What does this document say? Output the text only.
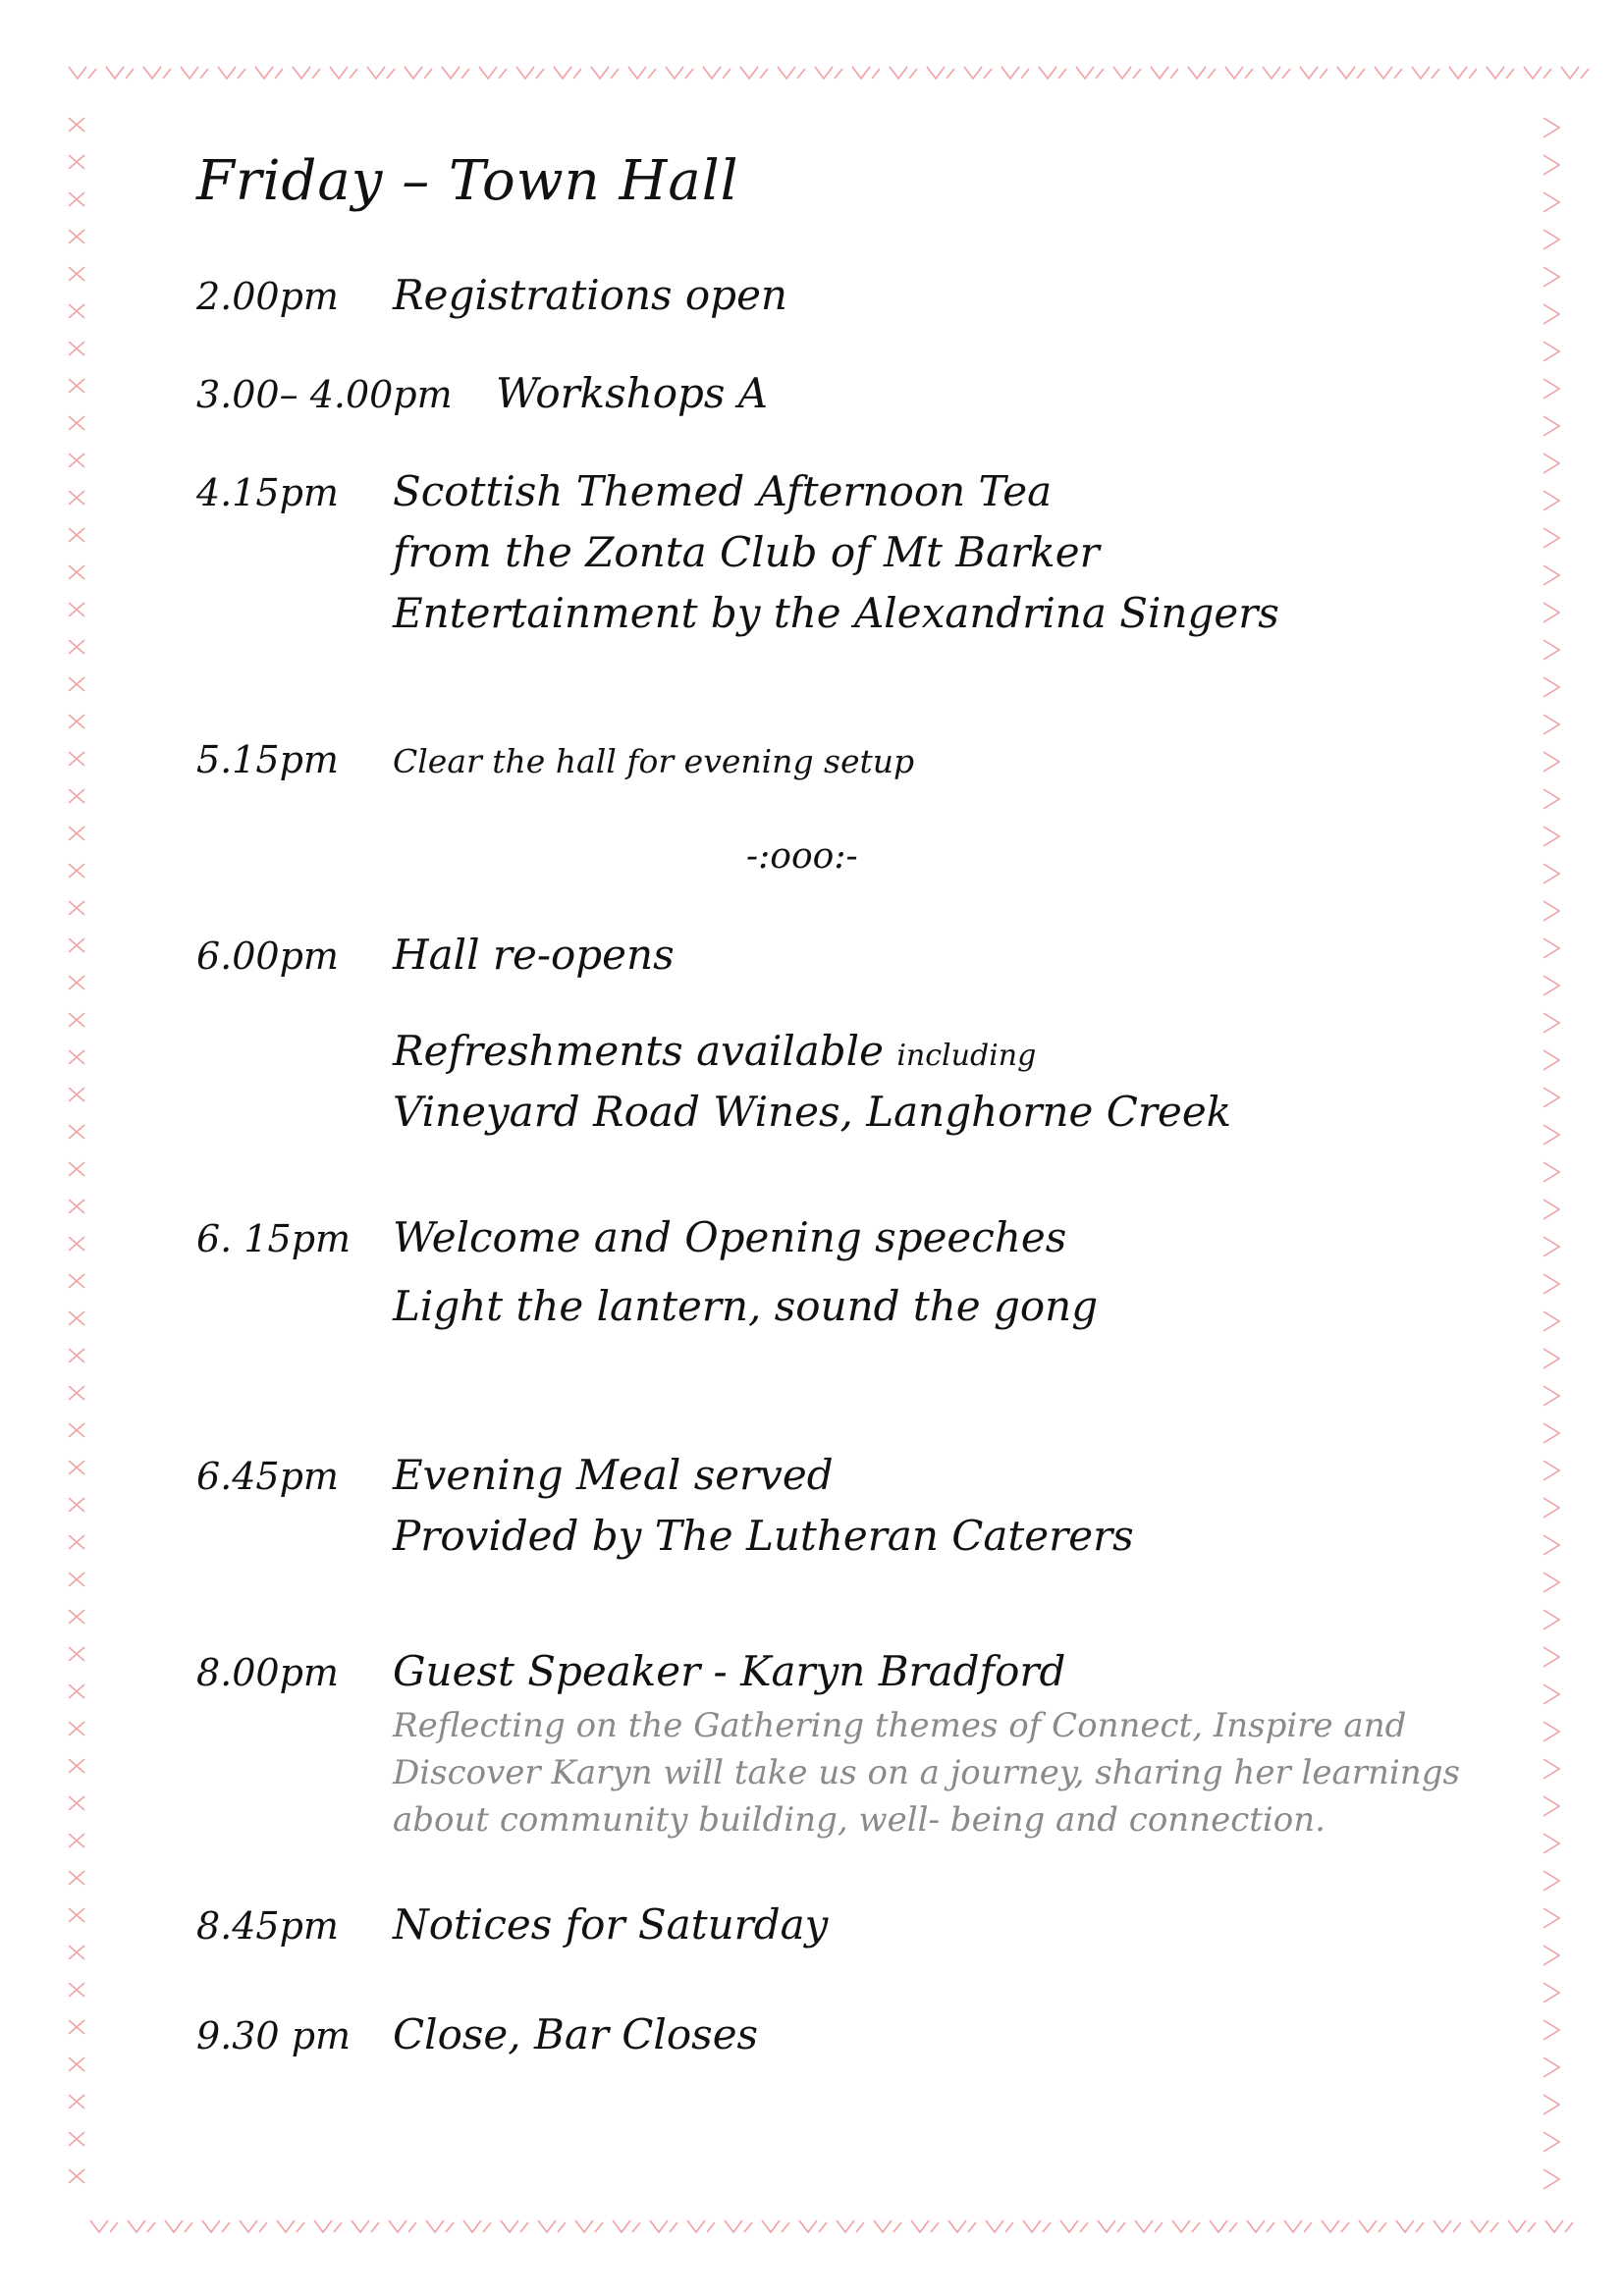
Friday – Town Hall
2.00pm Registrations open
3.00– 4.00pm Workshops A
4.15pm Scottish Themed Afternoon Tea
from the Zonta Club of Mt Barker
Entertainment by the Alexandrina Singers
5.15pm Clear the hall for evening setup
-:ooo:-
6.00pm Hall re-opens
Refreshments available including
Vineyard Road Wines, Langhorne Creek
6. 15pm Welcome and Opening speeches
Light the lantern, sound the gong
6.45pm Evening Meal served
Provided by The Lutheran Caterers
8.00pm Guest Speaker - Karyn Bradford
Reflecting on the Gathering themes of Connect, Inspire and
Discover Karyn will take us on a journey, sharing her learnings
about community building, well- being and connection.
8.45pm Notices for Saturday
9.30 pm Close, Bar Closes
